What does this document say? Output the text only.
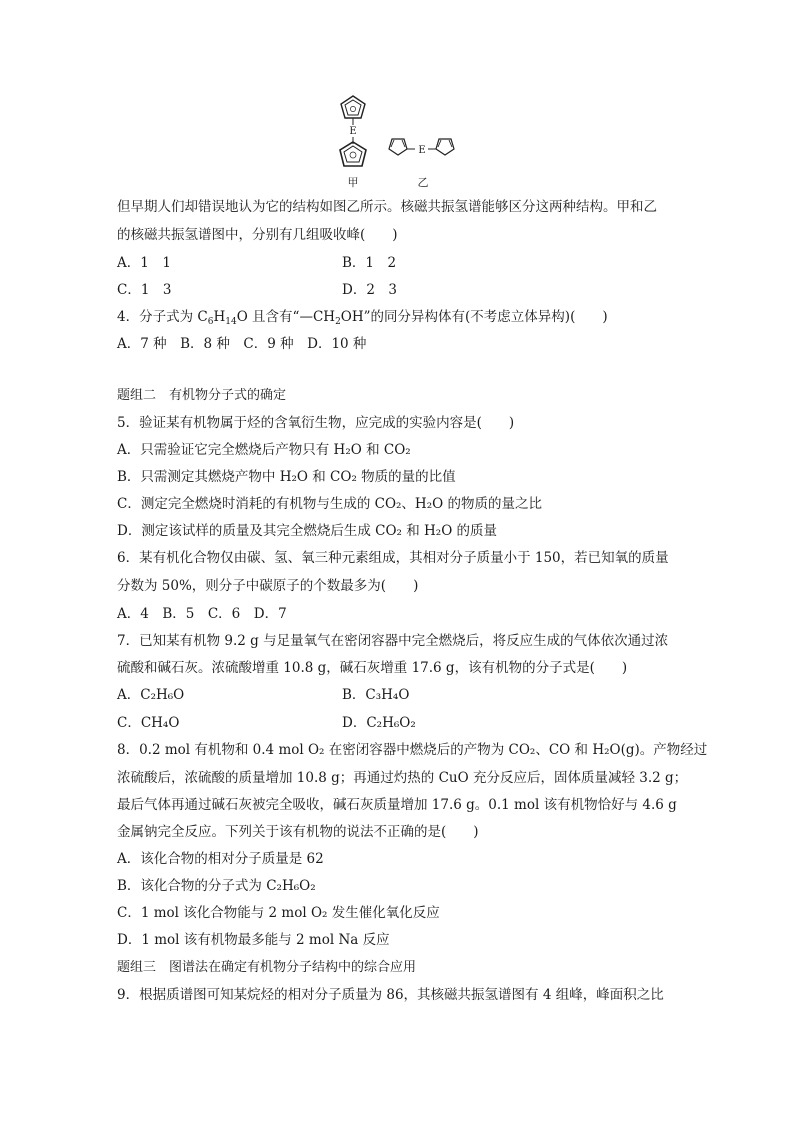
E
E
甲	乙
但早期人们却错误地认为它的结构如图乙所示。核磁共振氢谱能够区分这两种结构。甲和乙
的核磁共振氢谱图中，分别有几组吸收峰(　　)
A．1　1	B．1　2
C．1　3	D．2　3
4．分子式为 $C_6H_{14}O$ 且含有“$—CH_2OH$”的同分异构体有(不考虑立体异构)(　　)
A．7 种　B．8 种　C．9 种　D．10 种
题组二　有机物分子式的确定
5．验证某有机物属于烃的含氧衍生物，应完成的实验内容是(　　)
A．只需验证它完全燃烧后产物只有 H₂O 和 CO₂
B．只需测定其燃烧产物中 H₂O 和 CO₂ 物质的量的比值
C．测定完全燃烧时消耗的有机物与生成的 CO₂、H₂O 的物质的量之比
D．测定该试样的质量及其完全燃烧后生成 CO₂ 和 H₂O 的质量
6．某有机化合物仅由碳、氢、氧三种元素组成，其相对分子质量小于 150，若已知氧的质量
分数为 50%，则分子中碳原子的个数最多为(　　)
A．4　B．5　C．6　D．7
7．已知某有机物 9.2 g 与足量氧气在密闭容器中完全燃烧后，将反应生成的气体依次通过浓
硫酸和碱石灰。浓硫酸增重 10.8 g，碱石灰增重 17.6 g，该有机物的分子式是(　　)
A．C₂H₆O	B．C₃H₄O
C．CH₄O	D．C₂H₆O₂
8．0.2 mol 有机物和 0.4 mol O₂ 在密闭容器中燃烧后的产物为 CO₂、CO 和 H₂O(g)。产物经过
浓硫酸后，浓硫酸的质量增加 10.8 g；再通过灼热的 CuO 充分反应后，固体质量减轻 3.2 g；
最后气体再通过碱石灰被完全吸收，碱石灰质量增加 17.6 g。0.1 mol 该有机物恰好与 4.6 g
金属钠完全反应。下列关于该有机物的说法不正确的是(　　)
A．该化合物的相对分子质量是 62
B．该化合物的分子式为 C₂H₆O₂
C．1 mol 该化合物能与 2 mol O₂ 发生催化氧化反应
D．1 mol 该有机物最多能与 2 mol Na 反应
题组三　图谱法在确定有机物分子结构中的综合应用
9．根据质谱图可知某烷烃的相对分子质量为 86，其核磁共振氢谱图有 4 组峰，峰面积之比
